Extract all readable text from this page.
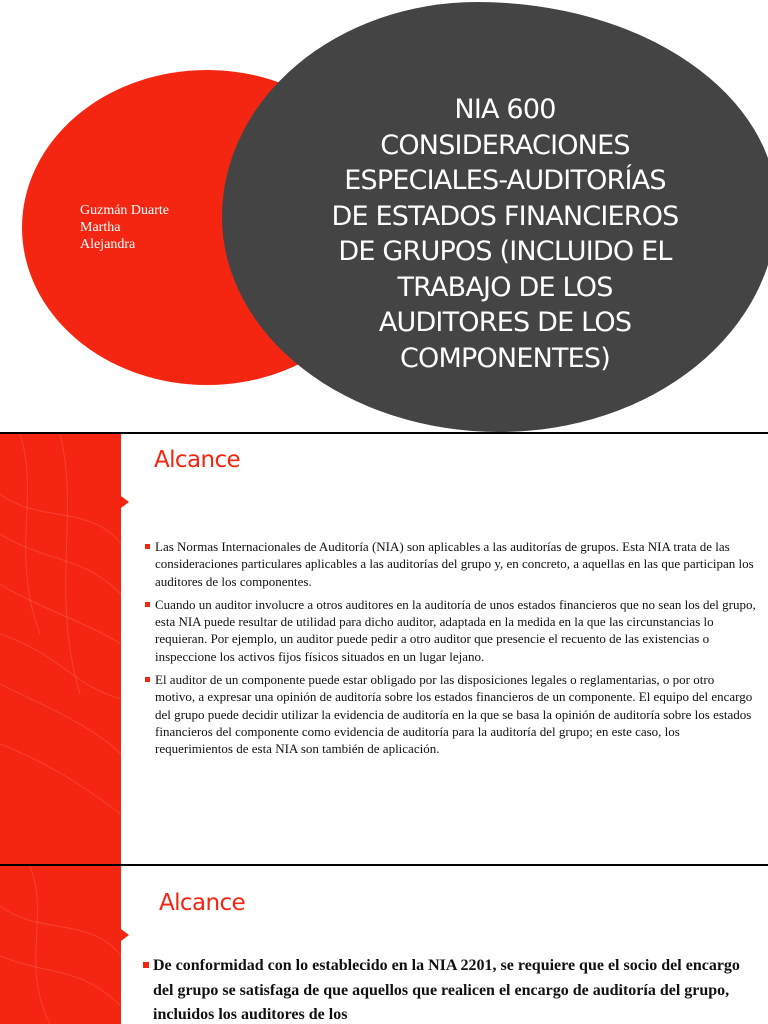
Guzmán Duarte
Martha
Alejandra
NIA 600
CONSIDERACIONES
ESPECIALES-AUDITORÍAS
DE ESTADOS FINANCIEROS
DE GRUPOS (INCLUIDO EL
TRABAJO DE LOS
AUDITORES DE LOS
COMPONENTES)
Alcance
Las Normas Internacionales de Auditoría (NIA) son aplicables a las auditorías de grupos. Esta NIA trata de las consideraciones particulares aplicables a las auditorías del grupo y, en concreto, a aquellas en las que participan los auditores de los componentes.
Cuando un auditor involucre a otros auditores en la auditoría de unos estados financieros que no sean los del grupo, esta NIA puede resultar de utilidad para dicho auditor, adaptada en la medida en la que las circunstancias lo requieran. Por ejemplo, un auditor puede pedir a otro auditor que presencie el recuento de las existencias o inspeccione los activos fijos físicos situados en un lugar lejano.
El auditor de un componente puede estar obligado por las disposiciones legales o reglamentarias, o por otro motivo, a expresar una opinión de auditoría sobre los estados financieros de un componente. El equipo del encargo del grupo puede decidir utilizar la evidencia de auditoría en la que se basa la opinión de auditoría sobre los estados financieros del componente como evidencia de auditoría para la auditoría del grupo; en este caso, los requerimientos de esta NIA son también de aplicación.
Alcance
De conformidad con lo establecido en la NIA 2201, se requiere que el socio del encargo del grupo se satisfaga de que aquellos que realicen el encargo de auditoría del grupo, incluidos los auditores de los
